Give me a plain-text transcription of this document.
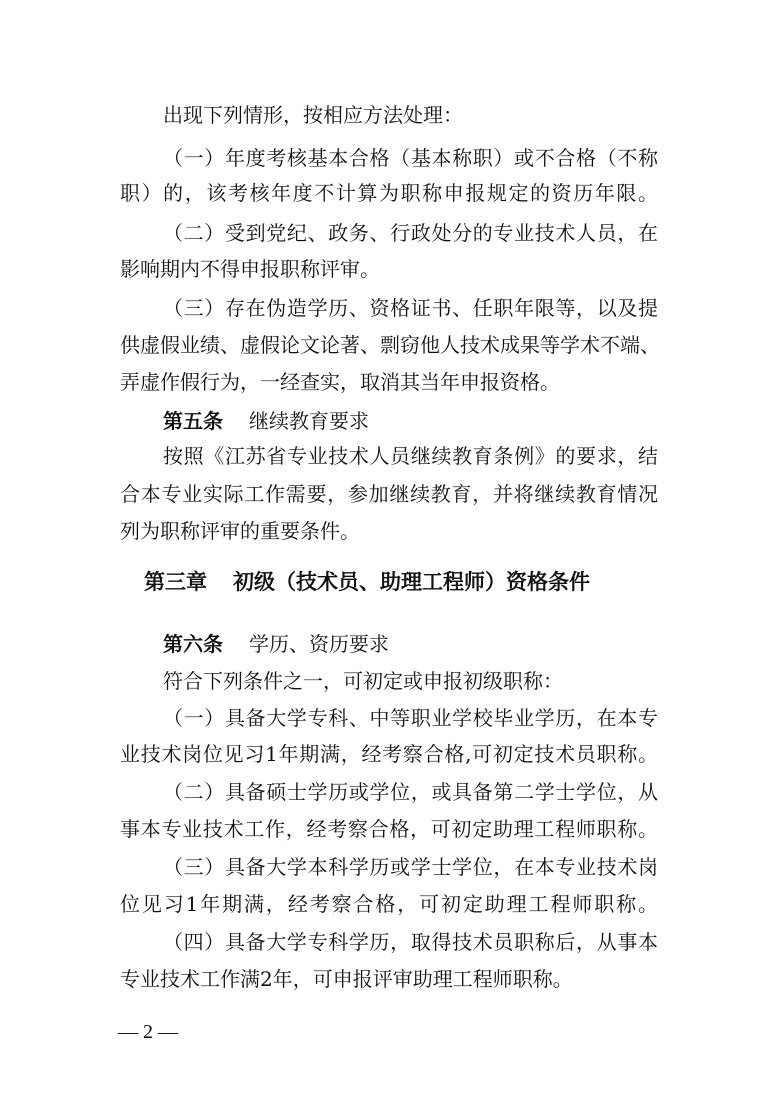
出现下列情形，按相应方法处理：
（一）年度考核基本合格（基本称职）或不合格（不称
职）的，该考核年度不计算为职称申报规定的资历年限。
（二）受到党纪、政务、行政处分的专业技术人员，在
影响期内不得申报职称评审。
（三）存在伪造学历、资格证书、任职年限等，以及提
供虚假业绩、虚假论文论著、剽窃他人技术成果等学术不端、
弄虚作假行为，一经查实，取消其当年申报资格。
第五条 继续教育要求
按照《江苏省专业技术人员继续教育条例》的要求，结
合本专业实际工作需要，参加继续教育，并将继续教育情况
列为职称评审的重要条件。
第三章 初级（技术员、助理工程师）资格条件
第六条 学历、资历要求
符合下列条件之一，可初定或申报初级职称：
（一）具备大学专科、中等职业学校毕业学历，在本专
业技术岗位见习1年期满，经考察合格,可初定技术员职称。
（二）具备硕士学历或学位，或具备第二学士学位，从
事本专业技术工作，经考察合格，可初定助理工程师职称。
（三）具备大学本科学历或学士学位，在本专业技术岗
位见习1年期满，经考察合格，可初定助理工程师职称。
（四）具备大学专科学历，取得技术员职称后，从事本
专业技术工作满2年，可申报评审助理工程师职称。
— 2 —
